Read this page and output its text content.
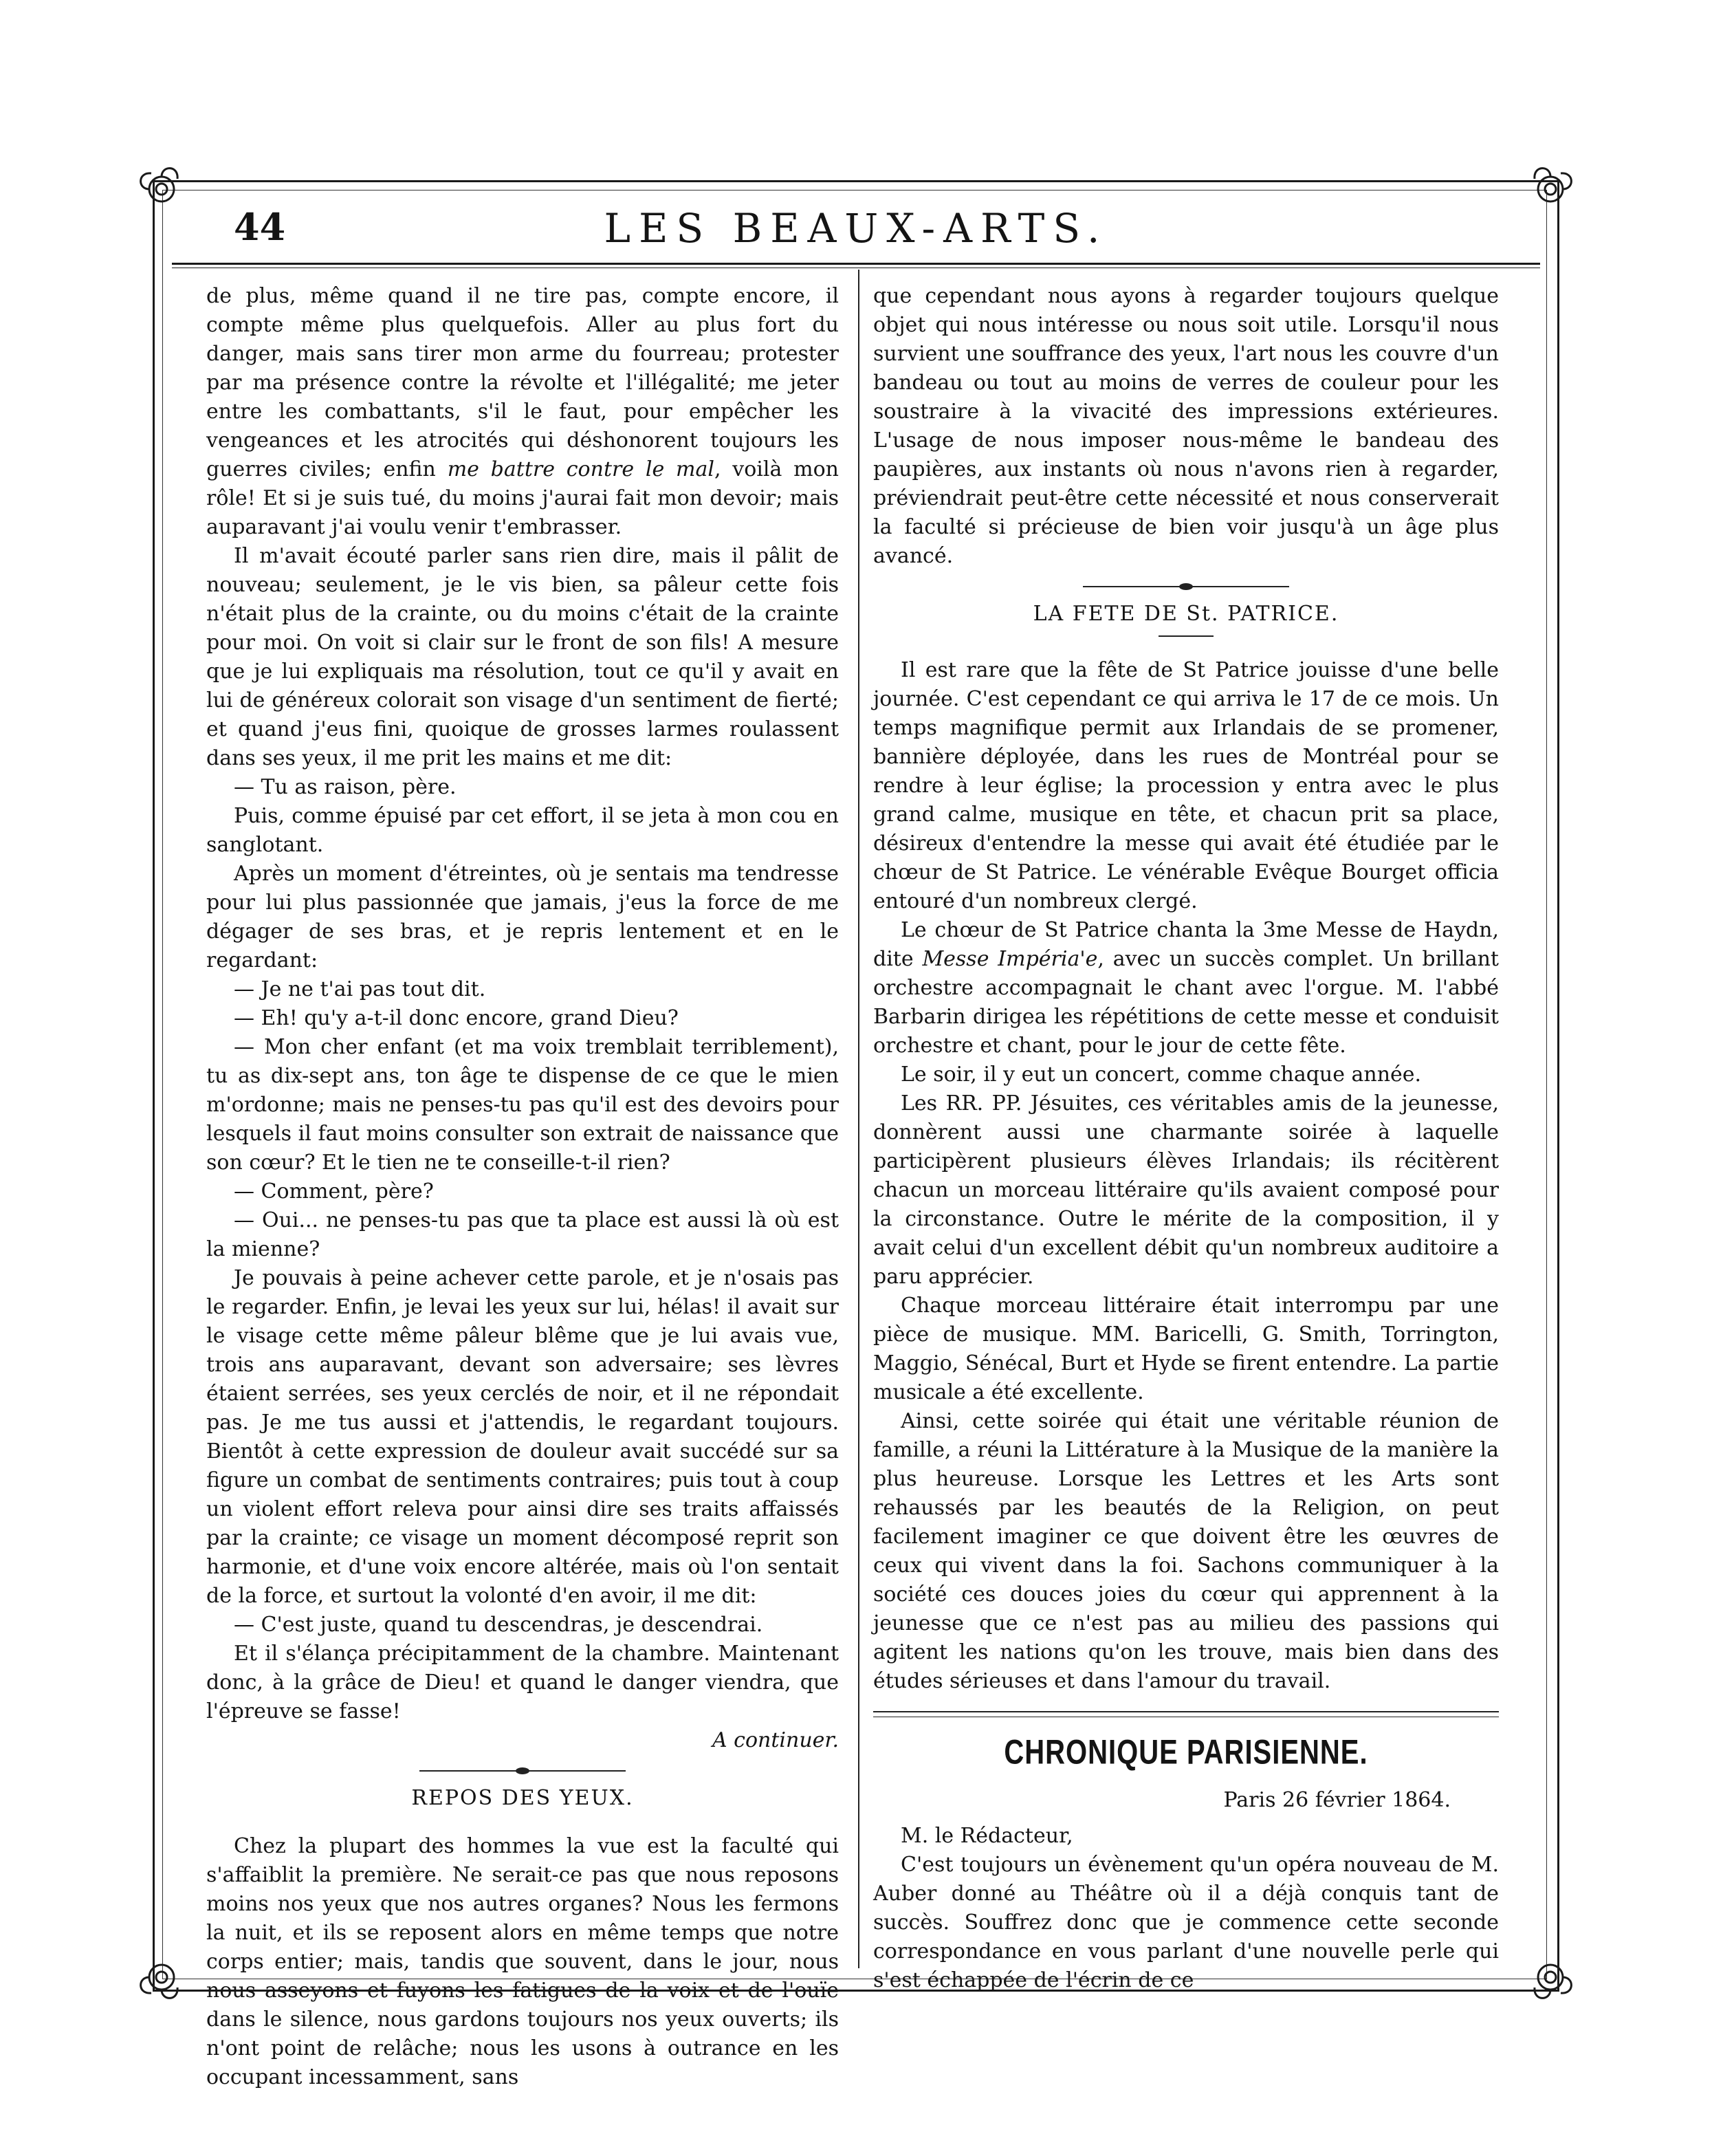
44	LES BEAUX-ARTS.

de plus, même quand il ne tire pas, compte encore, il compte même plus quelquefois. Aller au plus fort du danger, mais sans tirer mon arme du fourreau; protester par ma présence contre la révolte et l'illégalité; me jeter entre les combattants, s'il le faut, pour empêcher les vengeances et les atrocités qui déshonorent toujours les guerres civiles; enfin me battre contre le mal, voilà mon rôle! Et si je suis tué, du moins j'aurai fait mon devoir; mais auparavant j'ai voulu venir t'embrasser.

Il m'avait écouté parler sans rien dire, mais il pâlit de nouveau; seulement, je le vis bien, sa pâleur cette fois n'était plus de la crainte, ou du moins c'était de la crainte pour moi. On voit si clair sur le front de son fils! A mesure que je lui expliquais ma résolution, tout ce qu'il y avait en lui de généreux colorait son visage d'un sentiment de fierté; et quand j'eus fini, quoique de grosses larmes roulassent dans ses yeux, il me prit les mains et me dit:

— Tu as raison, père.

Puis, comme épuisé par cet effort, il se jeta à mon cou en sanglotant.

Après un moment d'étreintes, où je sentais ma tendresse pour lui plus passionnée que jamais, j'eus la force de me dégager de ses bras, et je repris lentement et en le regardant:

— Je ne t'ai pas tout dit.

— Eh! qu'y a-t-il donc encore, grand Dieu?

— Mon cher enfant (et ma voix tremblait terriblement), tu as dix-sept ans, ton âge te dispense de ce que le mien m'ordonne; mais ne penses-tu pas qu'il est des devoirs pour lesquels il faut moins consulter son extrait de naissance que son cœur? Et le tien ne te conseille-t-il rien?

— Comment, père?

— Oui... ne penses-tu pas que ta place est aussi là où est la mienne?

Je pouvais à peine achever cette parole, et je n'osais pas le regarder. Enfin, je levai les yeux sur lui, hélas! il avait sur le visage cette même pâleur blême que je lui avais vue, trois ans auparavant, devant son adversaire; ses lèvres étaient serrées, ses yeux cerclés de noir, et il ne répondait pas. Je me tus aussi et j'attendis, le regardant toujours. Bientôt à cette expression de douleur avait succédé sur sa figure un combat de sentiments contraires; puis tout à coup un violent effort releva pour ainsi dire ses traits affaissés par la crainte; ce visage un moment décomposé reprit son harmonie, et d'une voix encore altérée, mais où l'on sentait de la force, et surtout la volonté d'en avoir, il me dit:

— C'est juste, quand tu descendras, je descendrai.

Et il s'élança précipitamment de la chambre. Maintenant donc, à la grâce de Dieu! et quand le danger viendra, que l'épreuve se fasse!

A continuer.
REPOS DES YEUX.

Chez la plupart des hommes la vue est la faculté qui s'affaiblit la première. Ne serait-ce pas que nous reposons moins nos yeux que nos autres organes? Nous les fermons la nuit, et ils se reposent alors en même temps que notre corps entier; mais, tandis que souvent, dans le jour, nous nous asseyons et fuyons les fatigues de la voix et de l'ouïe dans le silence, nous gardons toujours nos yeux ouverts; ils n'ont point de relâche; nous les usons à outrance en les occupant incessamment, sans

que cependant nous ayons à regarder toujours quelque objet qui nous intéresse ou nous soit utile. Lorsqu'il nous survient une souffrance des yeux, l'art nous les couvre d'un bandeau ou tout au moins de verres de couleur pour les soustraire à la vivacité des impressions extérieures. L'usage de nous imposer nous-même le bandeau des paupières, aux instants où nous n'avons rien à regarder, préviendrait peut-être cette nécessité et nous conserverait la faculté si précieuse de bien voir jusqu'à un âge plus avancé.

LA FETE DE St. PATRICE.

Il est rare que la fête de St Patrice jouisse d'une belle journée. C'est cependant ce qui arriva le 17 de ce mois. Un temps magnifique permit aux Irlandais de se promener, bannière déployée, dans les rues de Montréal pour se rendre à leur église; la procession y entra avec le plus grand calme, musique en tête, et chacun prit sa place, désireux d'entendre la messe qui avait été étudiée par le chœur de St Patrice. Le vénérable Evêque Bourget officia entouré d'un nombreux clergé.

Le chœur de St Patrice chanta la 3me Messe de Haydn, dite Messe Impéria'e, avec un succès complet. Un brillant orchestre accompagnait le chant avec l'orgue. M. l'abbé Barbarin dirigea les répétitions de cette messe et conduisit orchestre et chant, pour le jour de cette fête.

Le soir, il y eut un concert, comme chaque année.

Les RR. PP. Jésuites, ces véritables amis de la jeunesse, donnèrent aussi une charmante soirée à laquelle participèrent plusieurs élèves Irlandais; ils récitèrent chacun un morceau littéraire qu'ils avaient composé pour la circonstance. Outre le mérite de la composition, il y avait celui d'un excellent débit qu'un nombreux auditoire a paru apprécier.

Chaque morceau littéraire était interrompu par une pièce de musique. MM. Baricelli, G. Smith, Torrington, Maggio, Sénécal, Burt et Hyde se firent entendre. La partie musicale a été excellente.

Ainsi, cette soirée qui était une véritable réunion de famille, a réuni la Littérature à la Musique de la manière la plus heureuse. Lorsque les Lettres et les Arts sont rehaussés par les beautés de la Religion, on peut facilement imaginer ce que doivent être les œuvres de ceux qui vivent dans la foi. Sachons communiquer à la société ces douces joies du cœur qui apprennent à la jeunesse que ce n'est pas au milieu des passions qui agitent les nations qu'on les trouve, mais bien dans des études sérieuses et dans l'amour du travail.

CHRONIQUE PARISIENNE.
Paris 26 février 1864.

M. le Rédacteur,

C'est toujours un évènement qu'un opéra nouveau de M. Auber donné au Théâtre où il a déjà conquis tant de succès. Souffrez donc que je commence cette seconde correspondance en vous parlant d'une nouvelle perle qui s'est échappée de l'écrin de ce
